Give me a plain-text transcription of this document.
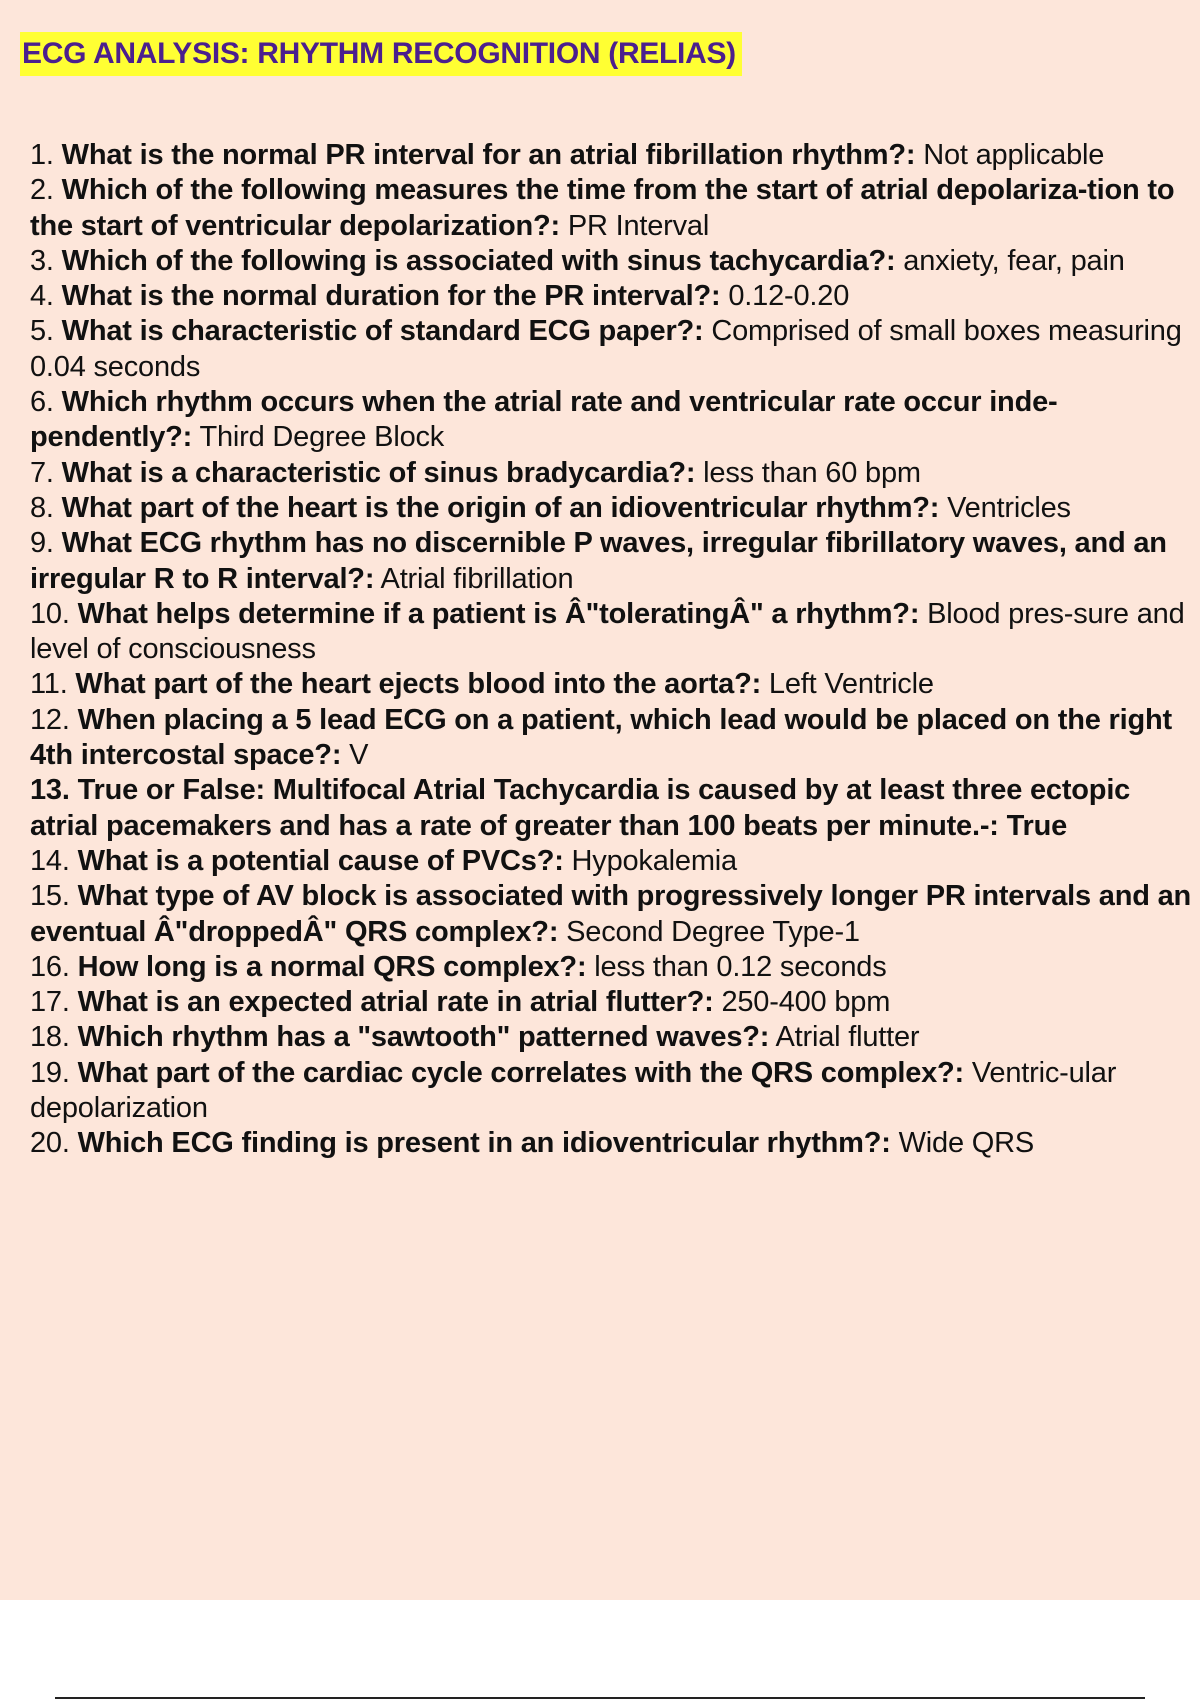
ECG ANALYSIS: RHYTHM RECOGNITION (RELIAS)
1. What is the normal PR interval for an atrial fibrillation rhythm?: Not applicable
2. Which of the following measures the time from the start of atrial depolariza-tion to the start of ventricular depolarization?: PR Interval
3. Which of the following is associated with sinus tachycardia?: anxiety, fear, pain
4. What is the normal duration for the PR interval?: 0.12-0.20
5. What is characteristic of standard ECG paper?: Comprised of small boxes measuring 0.04 seconds
6. Which rhythm occurs when the atrial rate and ventricular rate occur inde-pendently?: Third Degree Block
7. What is a characteristic of sinus bradycardia?: less than 60 bpm
8. What part of the heart is the origin of an idioventricular rhythm?: Ventricles
9. What ECG rhythm has no discernible P waves, irregular fibrillatory waves, and an irregular R to R interval?: Atrial fibrillation
10. What helps determine if a patient is Â"toleratingÂ" a rhythm?: Blood pres-sure and level of consciousness
11. What part of the heart ejects blood into the aorta?: Left Ventricle
12. When placing a 5 lead ECG on a patient, which lead would be placed on the right 4th intercostal space?: V
13. True or False: Multifocal Atrial Tachycardia is caused by at least three ectopic atrial pacemakers and has a rate of greater than 100 beats per minute.-: True
14. What is a potential cause of PVCs?: Hypokalemia
15. What type of AV block is associated with progressively longer PR intervals and an eventual Â"droppedÂ" QRS complex?: Second Degree Type-1
16. How long is a normal QRS complex?: less than 0.12 seconds
17. What is an expected atrial rate in atrial flutter?: 250-400 bpm
18. Which rhythm has a "sawtooth" patterned waves?: Atrial flutter
19. What part of the cardiac cycle correlates with the QRS complex?: Ventric-ular depolarization
20. Which ECG finding is present in an idioventricular rhythm?: Wide QRS
